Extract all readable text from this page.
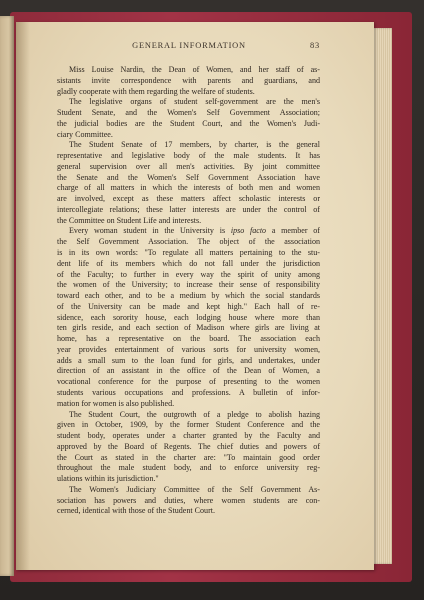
GENERAL INFORMATION	83
Miss Louise Nardin, the Dean of Women, and her staff of as-
sistants invite correspondence with parents and guardians, and
gladly cooperate with them regarding the welfare of students.
The legislative organs of student self-government are the men's
Student Senate, and the Women's Self Government Association;
the judicial bodies are the Student Court, and the Women's Judi-
ciary Committee.
The Student Senate of 17 members, by charter, is the general
representative and legislative body of the male students. It has
general supervision over all men's activities. By joint committee
the Senate and the Women's Self Government Association have
charge of all matters in which the interests of both men and women
are involved, except as these matters affect scholastic interests or
intercollegiate relations; these latter interests are under the control of
the Committee on Student Life and interests.
Every woman student in the University is ipso facto a member of
the Self Government Association. The object of the association
is in its own words: "To regulate all matters pertaining to the stu-
dent life of its members which do not fall under the jurisdiction
of the Faculty; to further in every way the spirit of unity among
the women of the University; to increase their sense of responsibility
toward each other, and to be a medium by which the social standards
of the University can be made and kept high." Each hall of re-
sidence, each sorority house, each lodging house where more than
ten girls reside, and each section of Madison where girls are living at
home, has a representative on the board. The association each
year provides entertainment of various sorts for university women,
adds a small sum to the loan fund for girls, and undertakes, under
direction of an assistant in the office of the Dean of Women, a
vocational conference for the purpose of presenting to the women
students various occupations and professions. A bulletin of infor-
mation for women is also published.
The Student Court, the outgrowth of a pledge to abolish hazing
given in October, 1909, by the former Student Conference and the
student body, operates under a charter granted by the Faculty and
approved by the Board of Regents. The chief duties and powers of
the Court as stated in the charter are: "To maintain good order
throughout the male student body, and to enforce university reg-
ulations within its jurisdiction."
The Women's Judiciary Committee of the Self Government As-
sociation has powers and duties, where women students are con-
cerned, identical with those of the Student Court.
